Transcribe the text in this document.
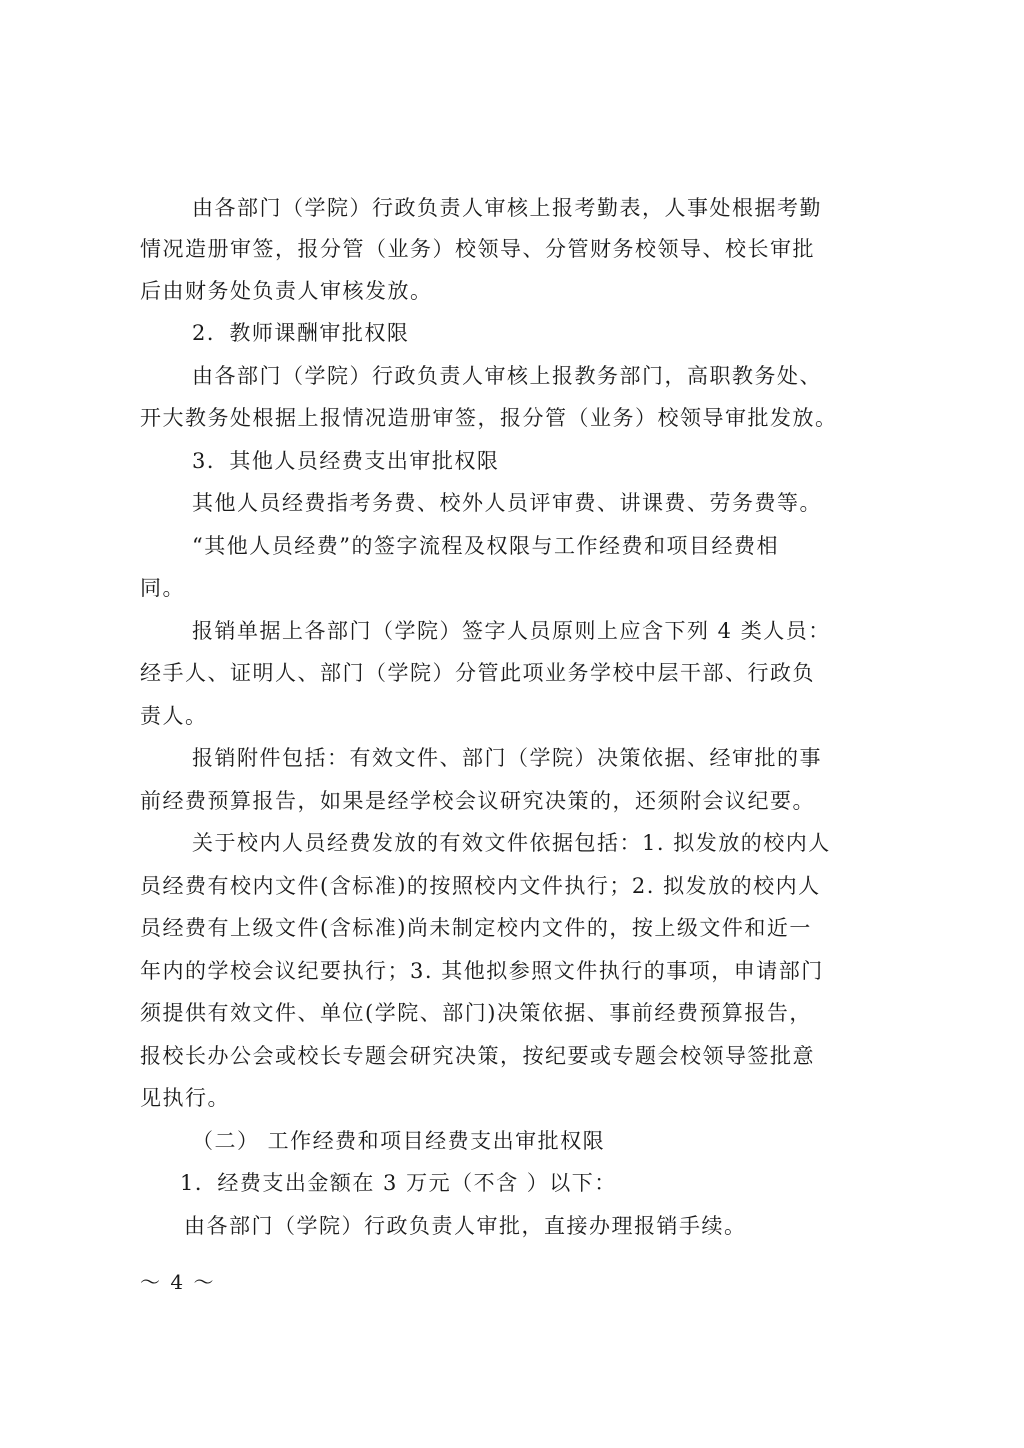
由各部门（学院）行政负责人审核上报考勤表，人事处根据考勤
情况造册审签，报分管（业务）校领导、分管财务校领导、校长审批
后由财务处负责人审核发放。
2．教师课酬审批权限
由各部门（学院）行政负责人审核上报教务部门，高职教务处、
开大教务处根据上报情况造册审签，报分管（业务）校领导审批发放。
3．其他人员经费支出审批权限
其他人员经费指考务费、校外人员评审费、讲课费、劳务费等。
“其他人员经费”的签字流程及权限与工作经费和项目经费相
同。
报销单据上各部门（学院）签字人员原则上应含下列 4 类人员：
经手人、证明人、部门（学院）分管此项业务学校中层干部、行政负
责人。
报销附件包括：有效文件、部门（学院）决策依据、经审批的事
前经费预算报告，如果是经学校会议研究决策的，还须附会议纪要。
关于校内人员经费发放的有效文件依据包括：1. 拟发放的校内人
员经费有校内文件(含标准)的按照校内文件执行；2. 拟发放的校内人
员经费有上级文件(含标准)尚未制定校内文件的，按上级文件和近一
年内的学校会议纪要执行；3. 其他拟参照文件执行的事项，申请部门
须提供有效文件、单位(学院、部门)决策依据、事前经费预算报告，
报校长办公会或校长专题会研究决策，按纪要或专题会校领导签批意
见执行。
（二） 工作经费和项目经费支出审批权限
1．经费支出金额在 3 万元（不含 ）以下：
由各部门（学院）行政负责人审批，直接办理报销手续。
～ 4 ～
